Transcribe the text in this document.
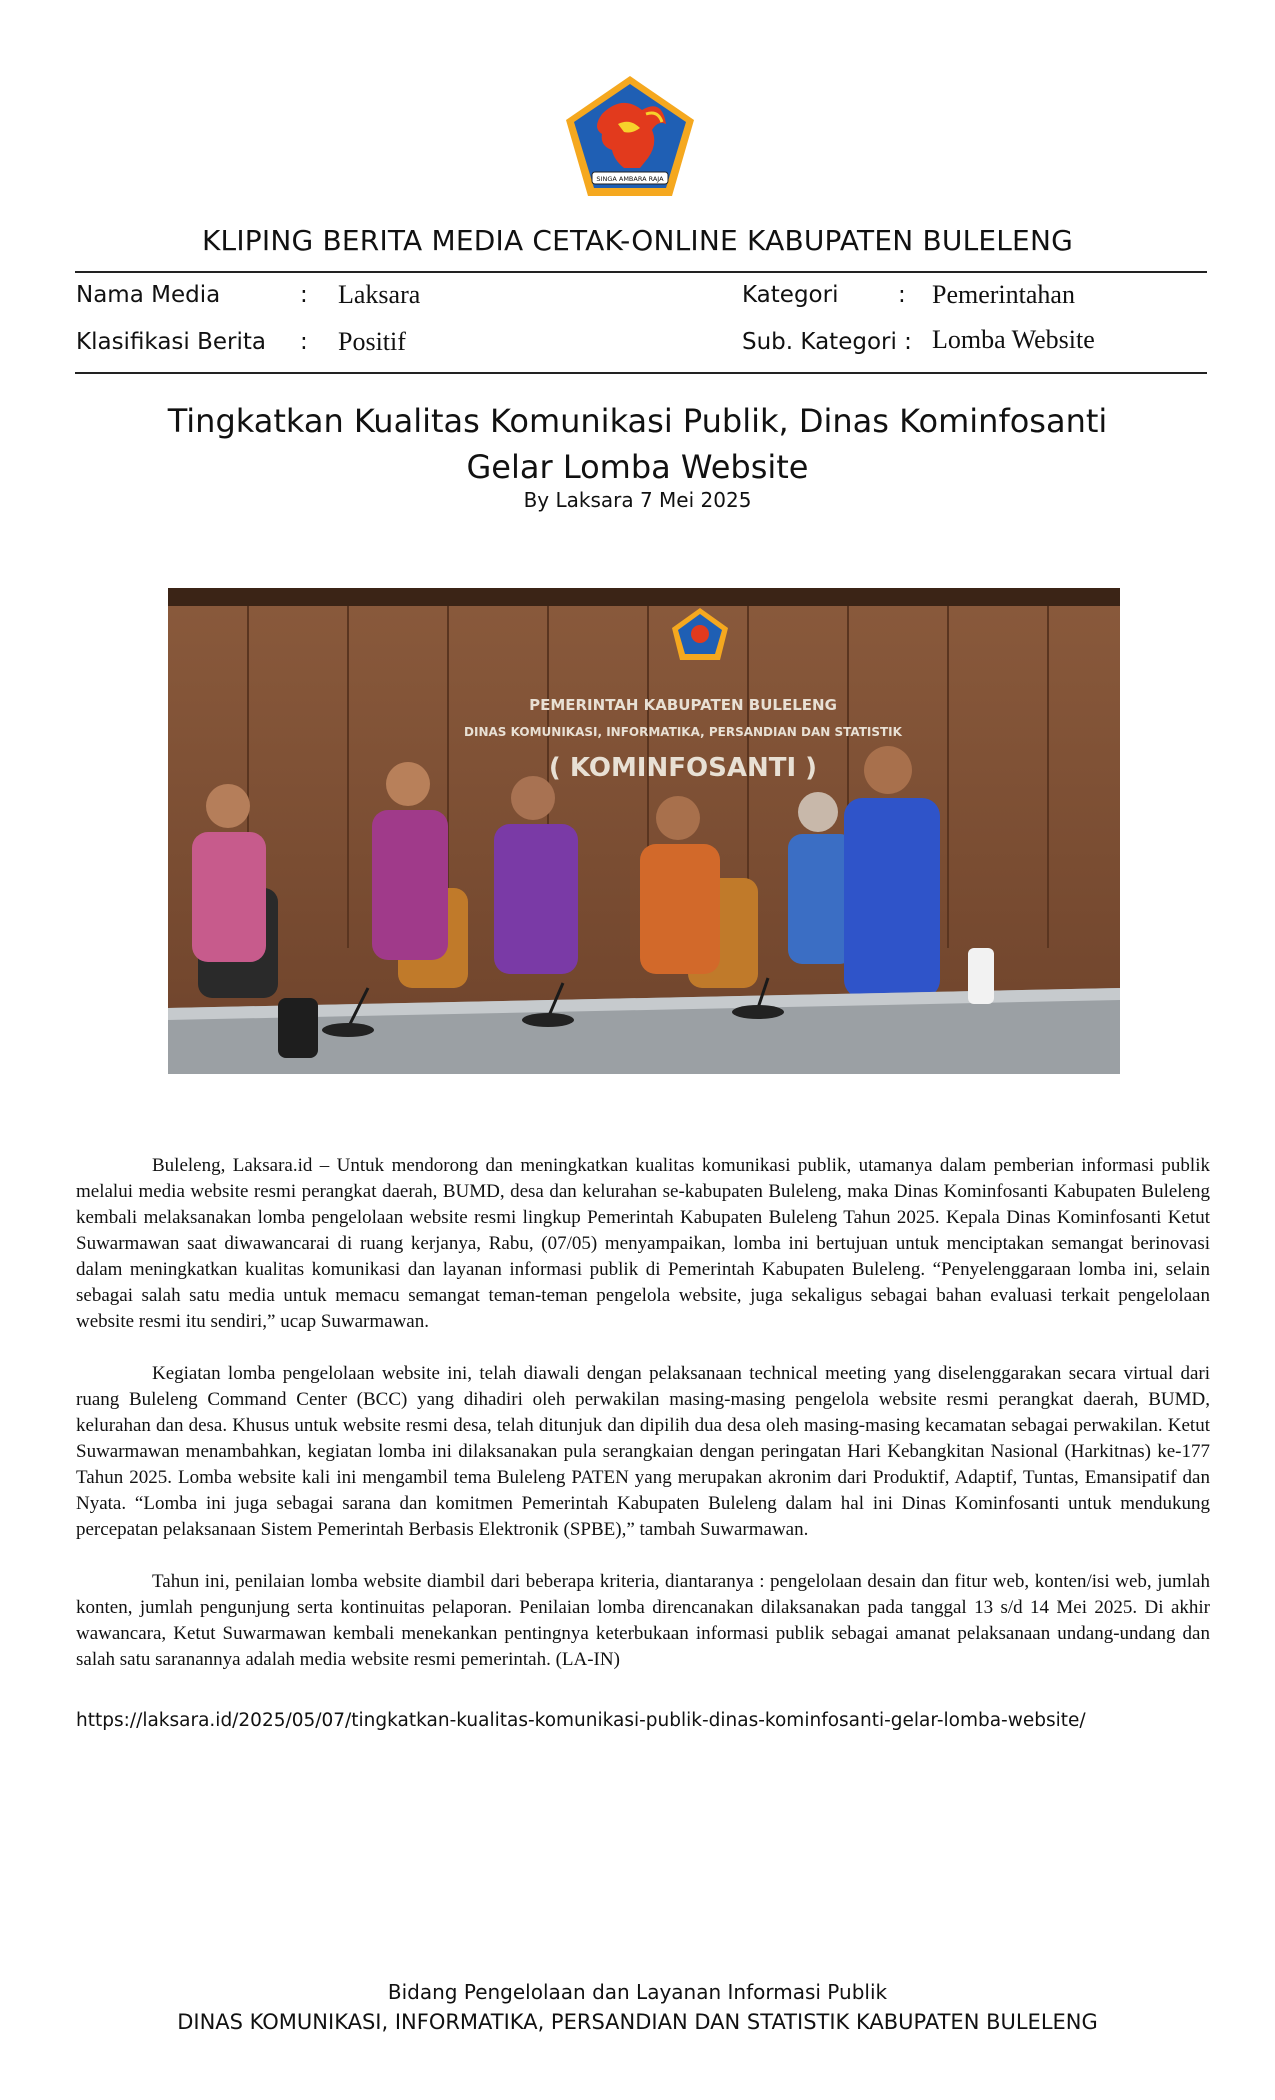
SINGA AMBARA RAJA
KLIPING BERITA MEDIA CETAK-ONLINE KABUPATEN BULELENG
Nama Media	: Laksara	Kategori	: Pemerintahan
Klasifikasi Berita : Positif	Sub. Kategori : Lomba Website
Tingkatkan Kualitas Komunikasi Publik, Dinas Kominfosanti
Gelar Lomba Website
By Laksara 7 Mei 2025
PEMERINTAH KABUPATEN BULELENG
DINAS KOMUNIKASI, INFORMATIKA, PERSANDIAN DAN STATISTIK
( KOMINFOSANTI )

Buleleng, Laksara.id – Untuk mendorong dan meningkatkan kualitas komunikasi publik, utamanya dalam pemberian informasi publik melalui media website resmi perangkat daerah, BUMD, desa dan kelurahan se-kabupaten Buleleng, maka Dinas Kominfosanti Kabupaten Buleleng kembali melaksanakan lomba pengelolaan website resmi lingkup Pemerintah Kabupaten Buleleng Tahun 2025. Kepala Dinas Kominfosanti Ketut Suwarmawan saat diwawancarai di ruang kerjanya, Rabu, (07/05) menyampaikan, lomba ini bertujuan untuk menciptakan semangat berinovasi dalam meningkatkan kualitas komunikasi dan layanan informasi publik di Pemerintah Kabupaten Buleleng. “Penyelenggaraan lomba ini, selain sebagai salah satu media untuk memacu semangat teman-teman pengelola website, juga sekaligus sebagai bahan evaluasi terkait pengelolaan website resmi itu sendiri,” ucap Suwarmawan.

Kegiatan lomba pengelolaan website ini, telah diawali dengan pelaksanaan technical meeting yang diselenggarakan secara virtual dari ruang Buleleng Command Center (BCC) yang dihadiri oleh perwakilan masing-masing pengelola website resmi perangkat daerah, BUMD, kelurahan dan desa. Khusus untuk website resmi desa, telah ditunjuk dan dipilih dua desa oleh masing-masing kecamatan sebagai perwakilan. Ketut Suwarmawan menambahkan, kegiatan lomba ini dilaksanakan pula serangkaian dengan peringatan Hari Kebangkitan Nasional (Harkitnas) ke-177 Tahun 2025. Lomba website kali ini mengambil tema Buleleng PATEN yang merupakan akronim dari Produktif, Adaptif, Tuntas, Emansipatif dan Nyata. “Lomba ini juga sebagai sarana dan komitmen Pemerintah Kabupaten Buleleng dalam hal ini Dinas Kominfosanti untuk mendukung percepatan pelaksanaan Sistem Pemerintah Berbasis Elektronik (SPBE),” tambah Suwarmawan.

Tahun ini, penilaian lomba website diambil dari beberapa kriteria, diantaranya : pengelolaan desain dan fitur web, konten/isi web, jumlah konten, jumlah pengunjung serta kontinuitas pelaporan. Penilaian lomba direncanakan dilaksanakan pada tanggal 13 s/d 14 Mei 2025. Di akhir wawancara, Ketut Suwarmawan kembali menekankan pentingnya keterbukaan informasi publik sebagai amanat pelaksanaan undang-undang dan salah satu saranannya adalah media website resmi pemerintah. (LA-IN)

https://laksara.id/2025/05/07/tingkatkan-kualitas-komunikasi-publik-dinas-kominfosanti-gelar-lomba-website/
Bidang Pengelolaan dan Layanan Informasi Publik
DINAS KOMUNIKASI, INFORMATIKA, PERSANDIAN DAN STATISTIK KABUPATEN BULELENG
